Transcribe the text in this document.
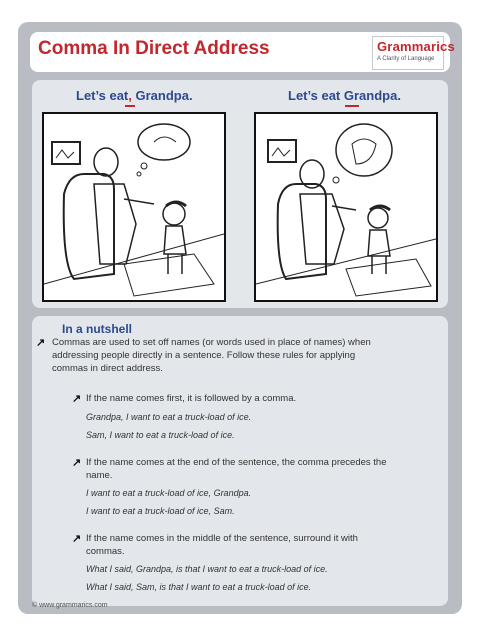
Comma In Direct Address	Grammarics
A Clarity of Language
Let’s eat, Grandpa.	Let’s eat Grandpa.
In a nutshell
↗ Commas are used to set off names (or words used in place of names) when
addressing people directly in a sentence. Follow these rules for applying
commas in direct address.
↗ If the name comes first, it is followed by a comma.
Grandpa, I want to eat a truck-load of ice.
Sam, I want to eat a truck-load of ice.
↗ If the name comes at the end of the sentence, the comma precedes the
name.
I want to eat a truck-load of ice, Grandpa.
I want to eat a truck-load of ice, Sam.
↗ If the name comes in the middle of the sentence, surround it with
commas.
What I said, Grandpa, is that I want to eat a truck-load of ice.
What I said, Sam, is that I want to eat a truck-load of ice.
© www.grammarics.com
